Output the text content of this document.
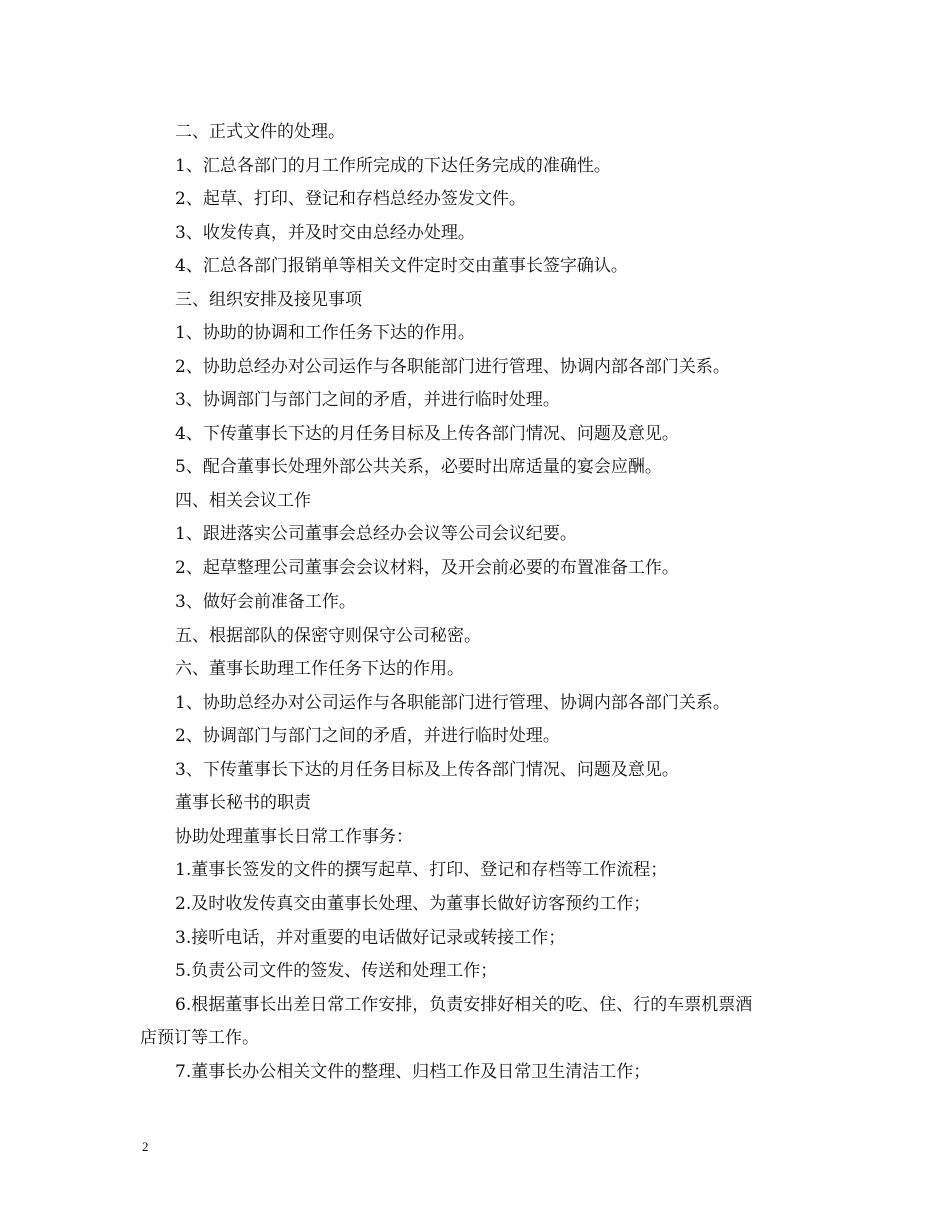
二、正式文件的处理。
1、汇总各部门的月工作所完成的下达任务完成的准确性。
2、起草、打印、登记和存档总经办签发文件。
3、收发传真，并及时交由总经办处理。
4、汇总各部门报销单等相关文件定时交由董事长签字确认。
三、组织安排及接见事项
1、协助的协调和工作任务下达的作用。
2、协助总经办对公司运作与各职能部门进行管理、协调内部各部门关系。
3、协调部门与部门之间的矛盾，并进行临时处理。
4、下传董事长下达的月任务目标及上传各部门情况、问题及意见。
5、配合董事长处理外部公共关系，必要时出席适量的宴会应酬。
四、相关会议工作
1、跟进落实公司董事会总经办会议等公司会议纪要。
2、起草整理公司董事会会议材料，及开会前必要的布置准备工作。
3、做好会前准备工作。
五、根据部队的保密守则保守公司秘密。
六、董事长助理工作任务下达的作用。
1、协助总经办对公司运作与各职能部门进行管理、协调内部各部门关系。
2、协调部门与部门之间的矛盾，并进行临时处理。
3、下传董事长下达的月任务目标及上传各部门情况、问题及意见。
董事长秘书的职责
协助处理董事长日常工作事务：
1.董事长签发的文件的撰写起草、打印、登记和存档等工作流程；
2.及时收发传真交由董事长处理、为董事长做好访客预约工作；
3.接听电话，并对重要的电话做好记录或转接工作；
5.负责公司文件的签发、传送和处理工作；
6.根据董事长出差日常工作安排，负责安排好相关的吃、住、行的车票机票酒
店预订等工作。
7.董事长办公相关文件的整理、归档工作及日常卫生清洁工作；
2
